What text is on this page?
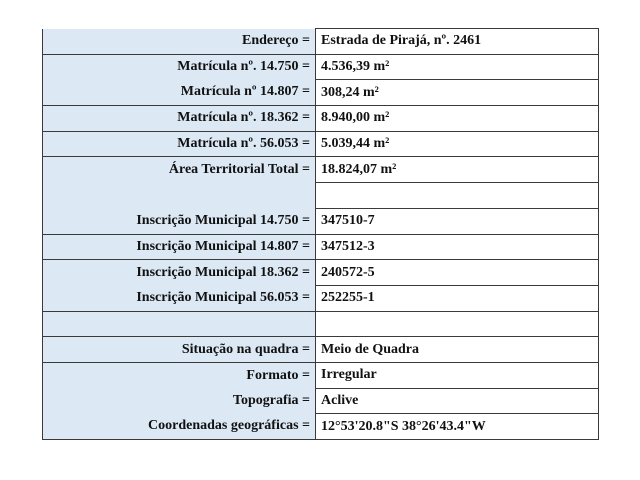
Endereço =	Estrada de Pirajá, nº. 2461
Matrícula nº. 14.750 =	4.536,39 m²
Matrícula nº 14.807 =	308,24 m²
Matrícula nº. 18.362 =	8.940,00 m²
Matrícula nº. 56.053 =	5.039,44 m²
Área Territorial Total =	18.824,07 m²

Inscrição Municipal 14.750 =	347510-7
Inscrição Municipal 14.807 =	347512-3
Inscrição Municipal 18.362 =	240572-5
Inscrição Municipal 56.053 =	252255-1

Situação na quadra =	Meio de Quadra
Formato =	Irregular
Topografia =	Aclive
Coordenadas geográficas =	12°53'20.8"S 38°26'43.4"W
